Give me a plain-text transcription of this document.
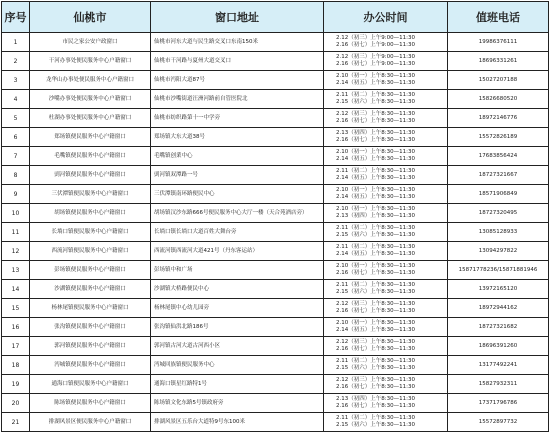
序号	仙桃市	窗口地址	办公时间	值班电话
1	市民之家公安户政窗口	仙桃市河东大道与民生路交叉口东南150米	2.12（初三）上午9:00—11:30
2.16（初七）上午9:00—11:30	19986376111
2	干河办事处便民服务中心户籍窗口	仙桃市干河路与夏州大道交叉口	2.12（初三）上午9:00—11:30
2.16（初七）上午9:00—11:30	18696331261
3	龙华山办事处便民服务中心户籍窗口	仙桃市沔阳大道87号	2.10（初一）上午8:30—11:30
2.14（初五）上午8:30—11:30	15027207188
4	沙嘴办事处便民服务中心户籍窗口	仙桃市沙嘴街道汪洲河路前自管医院北	2.11（初二）上午8:30—11:30
2.15（初六）上午8:30—11:30	15826680520
5	杜湖办事处便民服务中心户籍窗口	仙桃市纺织路第十一中学旁	2.12（初三）上午8:30—11:30
2.16（初七）上午8:30—11:30	18972146776
6	郑场镇便民服务中心户籍窗口	郑场镇大东大道38号	2.13（初四）上午8:30—11:30
2.16（初七）上午8:30—11:30	15572826189
7	毛嘴镇便民服务中心户籍窗口	毛嘴镇创業中心	2.10（初一）上午8:30—11:30
2.14（初五）上午8:30—11:30	17683856424
8	剅河镇便民服务中心户籍窗口	剅河镇双潭路一号	2.11（初二）上午8:30—11:30
2.14（初五）上午8:30—11:30	18727321667
9	三伏潭镇便民服务中心户籍窗口	三伏潭镇南环路便民中心	2.10（初一）上午8:30—11:30
2.14（初五）上午8:30—11:30	18571906849
10	胡场镇便民服务中心户籍窗口	胡场镇汉沙东路666号便民服务中心大厅一楼（天合苑酒店旁）	2.10（初一）上午8:30—11:30
2.13（初四）上午8:30—11:30	18727320495
11	长埫口镇便民服务中心户籍窗口	长埫口镇长埫口大道百姓大舞台旁	2.11（初二）上午8:30—11:30
2.15（初六）上午8:30—11:30	13085128933
12	西流河镇便民服务中心户籍窗口	西流河镇西流河大道421号（丹东客运站）	2.11（初二）上午8:30—11:30
2.14（初五）上午8:30—11:30	13094297822
13	彭场镇便民服务中心户籍窗口	彭场镇中和广场	2.10（初一）上午8:30—11:30
2.16（初七）上午8:30—11:30	15871778236/15871881946
14	沙湖镇便民服务中心户籍窗口	沙湖镇大桥路便民中心	2.11（初二）上午8:30—11:30
2.15（初六）上午8:30—11:30	13972165120
15	杨林尾镇便民服务中心户籍窗口	杨林尾镇中心幼儿园旁	2.12（初三）上午8:30—11:30
2.16（初七）上午8:30—11:30	18972944162
16	张沟镇便民服务中心户籍窗口	张沟镇仙洪北路186号	2.10（初一）上午8:30—11:30
2.14（初五）上午8:30—11:30	18727321682
17	郭河镇便民服务中心户籍窗口	郭河镇古河大道古河西小区	2.12（初三）上午8:30—11:30
2.16（初七）上午8:30—11:30	18696391260
18	沔城镇便民服务中心户籍窗口	沔城回族镇便民服务中心	2.11（初二）上午8:30—11:30
2.15（初六）上午8:30—11:30	13177492241
19	通海口镇便民服务中心户籍窗口	通海口镇星红路特1号	2.12（初三）上午8:30—11:30
2.16（初七）上午8:30—11:30	15827932311
20	陈场镇便民服务中心户籍窗口	陈场镇文化东路5号镇政府旁	2.13（初四）上午8:30—11:30
2.16（初七）上午8:30—11:30	17371796786
21	排湖风景区便民服务中心户籍窗口	排湖风景区五乐台大道特9号东100米	2.11（初二）上午8:30—11:30
2.15（初六）上午8:30—11:30	15572897732
